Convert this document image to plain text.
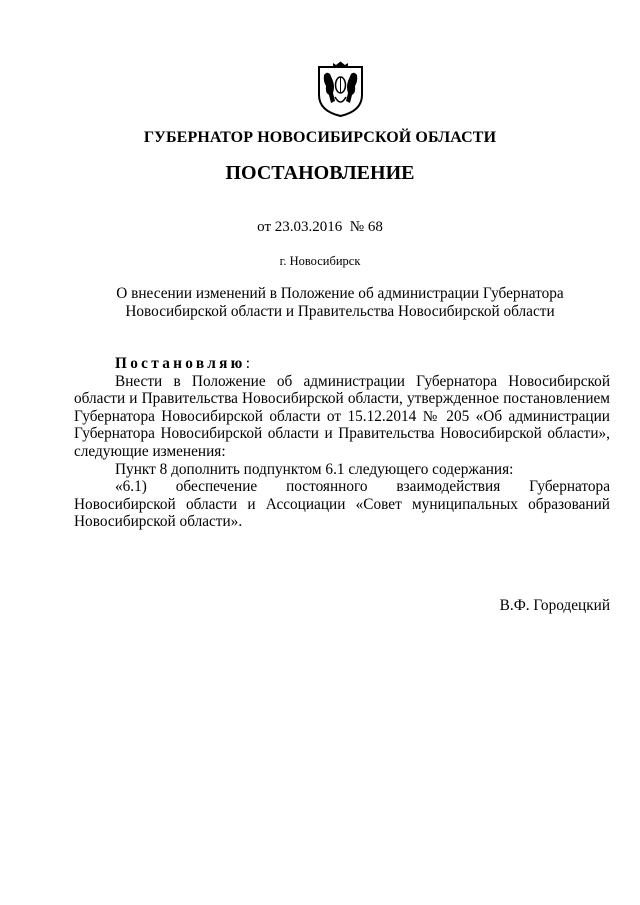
ГУБЕРНАТОР НОВОСИБИРСКОЙ ОБЛАСТИ
ПОСТАНОВЛЕНИЕ
от 23.03.2016 № 68
г. Новосибирск
О внесении изменений в Положение об администрации Губернатора Новосибирской области и Правительства Новосибирской области

Постановляю:

Внести в Положение об администрации Губернатора Новосибирской области и Правительства Новосибирской области, утвержденное постановлением Губернатора Новосибирской области от 15.12.2014 № 205 «Об администрации Губернатора Новосибирской области и Правительства Новосибирской области», следующие изменения:

Пункт 8 дополнить подпунктом 6.1 следующего содержания:

«6.1) обеспечение постоянного взаимодействия Губернатора Новосибирской области и Ассоциации «Совет муниципальных образований Новосибирской области».

В.Ф. Городецкий
